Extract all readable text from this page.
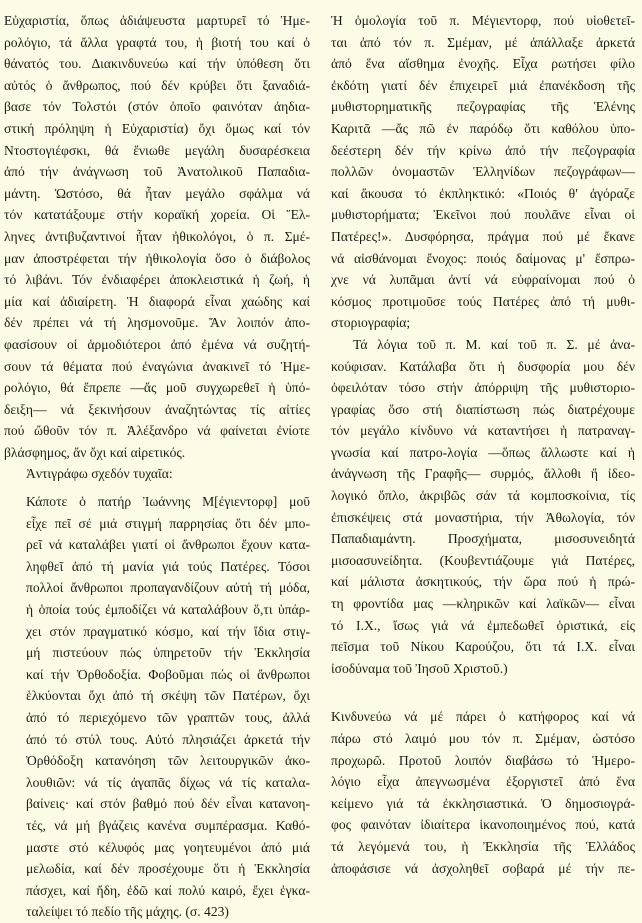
Εὐχαριστία, ὅπως ἀδιάψευστα μαρτυρεῖ τό Ἡμε-
ρολόγιο, τά ἄλλα γραφτά του, ἡ βιοτή του καί ὁ
θάνατός του. Διακινδυνεύω καί τήν ὑπόθεση ὅτι
αὐτός ὁ ἄνθρωπος, πού δέν κρύβει ὅτι ξαναδιά-
βασε τόν Τολστόι (στόν ὁποῖο φαινόταν ἀηδια-
στική πρόληψη ἡ Εὐχαριστία) ὄχι ὅμως καί τόν
Ντοστογιέφσκι, θά ἔνιωθε μεγάλη δυσαρέσκεια
ἀπό τήν ἀνάγνωση τοῦ Ἀνατολικοῦ Παπαδια-
μάντη. Ὡστόσο, θά ἦταν μεγάλο σφάλμα νά
τόν κατατάξουμε στήν κοραϊκή χορεία. Οἱ Ἕλ-
ληνες ἀντιβυζαντινοί ἦταν ἠθικολόγοι, ὁ π. Σμέ-
μαν ἀποστρέφεται τήν ἠθικολογία ὅσο ὁ διάβολος
τό λιβάνι. Τόν ἐνδιαφέρει ἀποκλειστικά ἡ ζωή, ἡ
μία καί ἀδιαίρετη. Ἡ διαφορά εἶναι χαώδης καί
δέν πρέπει νά τή λησμονοῦμε. Ἄν λοιπόν ἀπο-
φασίσουν οἱ ἁρμοδιότεροι ἀπό ἐμένα νά συζητή-
σουν τά θέματα πού ἐναγώνια ἀνακινεῖ τό Ἡμε-
ρολόγιο, θά ἔπρεπε —ἄς μοῦ συγχωρεθεῖ ἡ ὑπό-
δειξη— νά ξεκινήσουν ἀναζητώντας τίς αἰτίες
πού ὤθοῦν τόν π. Ἀλέξανδρο νά φαίνεται ἐνίοτε
βλάσφημος, ἄν ὄχι καί αἱρετικός.
Ἀντιγράφω σχεδόν τυχαῖα:
Κάποτε ὁ πατήρ Ἰωάννης Μ[έγιεντορφ] μοῦ
εἶχε πεῖ σέ μιά στιγμή παρρησίας ὅτι δέν μπο-
ρεῖ νά καταλάβει γιατί οἱ ἄνθρωποι ἔχουν κατα-
ληφθεῖ ἀπό τή μανία γιά τούς Πατέρες. Τόσοι
πολλοί ἄνθρωποι προπαγανδίζουν αὐτή τή μόδα,
ἡ ὁποία τούς ἐμποδίζει νά καταλάβουν ὅ,τι ὑπάρ-
χει στόν πραγματικό κόσμο, καί τήν ἴδια στιγ-
μή πιστεύουν πώς ὑπηρετοῦν τήν Ἐκκλησία
καί τήν Ὀρθοδοξία. Φοβοῦμαι πώς οἱ ἄνθρωποι
ἑλκύονται ὄχι ἀπό τή σκέψη τῶν Πατέρων, ὄχι
ἀπό τό περιεχόμενο τῶν γραπτῶν τους, ἀλλά
ἀπό τό στύλ τους. Αὐτό πλησιάζει ἀρκετά τήν
Ὀρθόδοξη κατανόηση τῶν λειτουργικῶν ἀκο-
λουθιῶν: νά τίς ἀγαπᾶς δίχως νά τίς καταλα-
βαίνεις· καί στόν βαθμό πού δέν εἶναι κατανοη-
τές, νά μή βγάζεις κανένα συμπέρασμα. Καθό-
μαστε στό κέλυφός μας γοητευμένοι ἀπό μιά
μελωδία, καί δέν προσέχουμε ὅτι ἡ Ἐκκλησία
πάσχει, καί ἤδη, ἐδῶ καί πολύ καιρό, ἔχει ἐγκα-
ταλείψει τό πεδίο τῆς μάχης. (σ. 423)
Ἡ ὁμολογία τοῦ π. Μέγιεντορφ, πού υἱοθετεῖ-
ται ἀπό τόν π. Σμέμαν, μέ ἀπάλλαξε ἀρκετά
ἀπό ἕνα αἴσθημα ἐνοχῆς. Εἶχα ρωτήσει φίλο
ἐκδότη γιατί δέν ἐπιχειρεῖ μιά ἐπανέκδοση τῆς
μυθιστορηματικῆς πεζογραφίας τῆς Ἑλένης
Καριτᾶ —ἄς πῶ ἐν παρόδῳ ὅτι καθόλου ὑπο-
δεέστερη δέν τήν κρίνω ἀπό τήν πεζογραφία
πολλῶν ὀνομαστῶν Ἑλληνίδων πεζογράφων—
καί ἄκουσα τό ἐκπληκτικό: «Ποιός θ' ἀγόραζε
μυθιστορήματα; Ἐκεῖνοι πού πουλᾶνε εἶναι οἱ
Πατέρες!». Δυσφόρησα, πράγμα πού μέ ἔκανε
νά αἰσθάνομαι ἔνοχος: ποιός δαίμονας μ' ἔσπρω-
χνε νά λυπᾶμαι ἀντί νά εὐφραίνομαι πού ὁ
κόσμος προτιμοῦσε τούς Πατέρες ἀπό τή μυθι-
στοριογραφία;
Τά λόγια τοῦ π. Μ. καί τοῦ π. Σ. μέ ἀνα-
κούφισαν. Κατάλαβα ὅτι ἡ δυσφορία μου δέν
ὀφειλόταν τόσο στήν ἀπόρριψη τῆς μυθιστοριο-
γραφίας ὅσο στή διαπίστωση πώς διατρέχουμε
τόν μεγάλο κίνδυνο νά καταντήσει ἡ πατραναγ-
γνωσία καί πατρο-λογία —ὅπως ἄλλωστε καί ἡ
ἀνάγνωση τῆς Γραφῆς— συρμός, ἄλλοθι ἤ ἰδεο-
λογικό ὅπλο, ἀκριβῶς σάν τά κομποσκοίνια, τίς
ἐπισκέψεις στά μοναστήρια, τήν Ἀθωλογία, τόν
Παπαδιαμάντη. Προσχήματα, μισοσυνειδητά
μισοασυνείδητα. (Κουβεντιάζουμε γιά Πατέρες,
καί μάλιστα ἀσκητικούς, τήν ὥρα πού ἡ πρώ-
τη φροντίδα μας —κληρικῶν καί λαϊκῶν— εἶναι
τό Ι.Χ., ἴσως γιά νά ἐμπεδωθεῖ ὁριστικά, εἰς
πεῖσμα τοῦ Νίκου Καρούζου, ὅτι τά Ι.Χ. εἶναι
ἰσοδύναμα τοῦ Ἰησοῦ Χριστοῦ.)
Κινδυνεύω νά μέ πάρει ὁ κατήφορος καί νά
πάρω στό λαιμό μου τόν π. Σμέμαν, ὡστόσο
προχωρῶ. Προτοῦ λοιπόν διαβάσω τό Ἡμερο-
λόγιο εἶχα ἀπεγνωσμένα ἐξοργιστεῖ ἀπό ἕνα
κείμενο γιά τά ἐκκλησιαστικά. Ὁ δημοσιογρά-
φος φαινόταν ἰδιαίτερα ἱκανοποιημένος πού, κατά
τά λεγόμενά του, ἡ Ἐκκλησία τῆς Ἑλλάδος
ἀποφάσισε νά ἀσχοληθεῖ σοβαρά μέ τήν πε-
